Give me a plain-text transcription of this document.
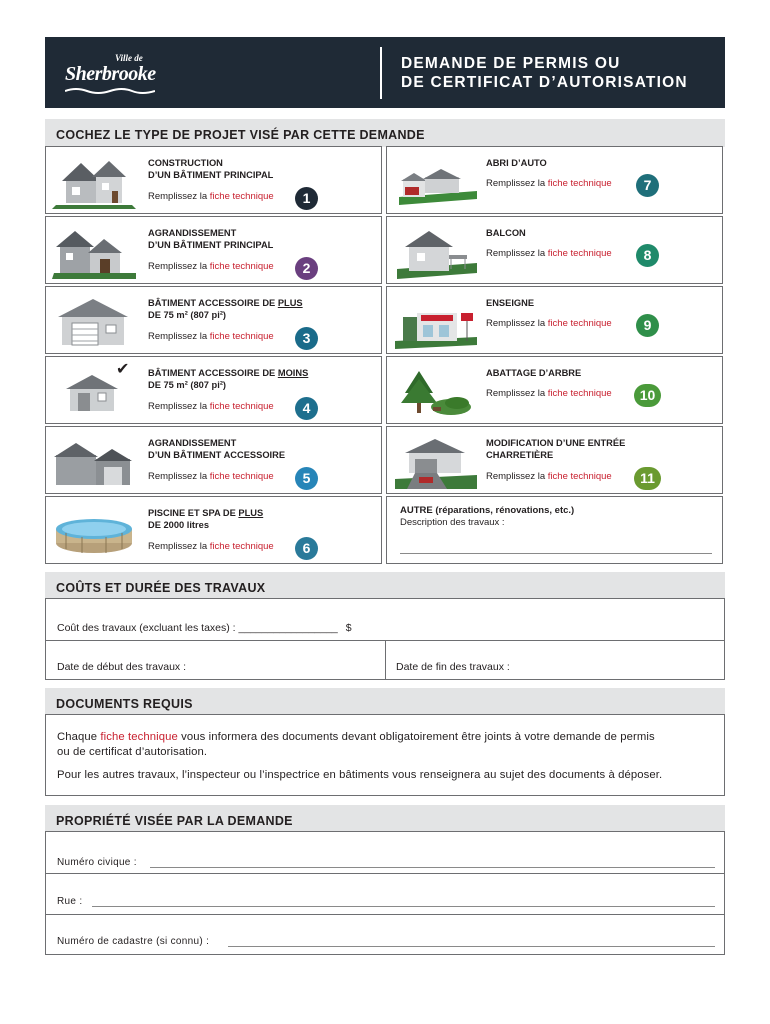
Ville de
Sherbrooke	DEMANDE DE PERMIS OU
DE CERTIFICAT D’AUTORISATION
COCHEZ LE TYPE DE PROJET VISÉ PAR CETTE DEMANDE
CONSTRUCTION
D’UN BÂTIMENT PRINCIPAL
Remplissez la fiche technique	1
AGRANDISSEMENT
D’UN BÂTIMENT PRINCIPAL
Remplissez la fiche technique	2
BÂTIMENT ACCESSOIRE DE PLUS
DE 75 m² (807 pi²)
Remplissez la fiche technique	3
✔ BÂTIMENT ACCESSOIRE DE MOINS
DE 75 m² (807 pi²)
Remplissez la fiche technique	4
AGRANDISSEMENT
D’UN BÂTIMENT ACCESSOIRE
Remplissez la fiche technique	5
PISCINE ET SPA DE PLUS
DE 2000 litres
Remplissez la fiche technique	6
ABRI D’AUTO
Remplissez la fiche technique	7
BALCON
Remplissez la fiche technique	8
ENSEIGNE
Remplissez la fiche technique	9
ABATTAGE D’ARBRE
Remplissez la fiche technique	10
MODIFICATION D’UNE ENTRÉE
CHARRETIÈRE
Remplissez la fiche technique	11
AUTRE (réparations, rénovations, etc.)
Description des travaux :
COÛTS ET DURÉE DES TRAVAUX
Coût des travaux (excluant les taxes) : _________________ $
Date de début des travaux :	Date de fin des travaux :
DOCUMENTS REQUIS
Chaque fiche technique vous informera des documents devant obligatoirement être joints à votre demande de permis
ou de certificat d’autorisation.
Pour les autres travaux, l’inspecteur ou l’inspectrice en bâtiments vous renseignera au sujet des documents à déposer.
PROPRIÉTÉ VISÉE PAR LA DEMANDE
Numéro civique :
Rue :
Numéro de cadastre (si connu) :
